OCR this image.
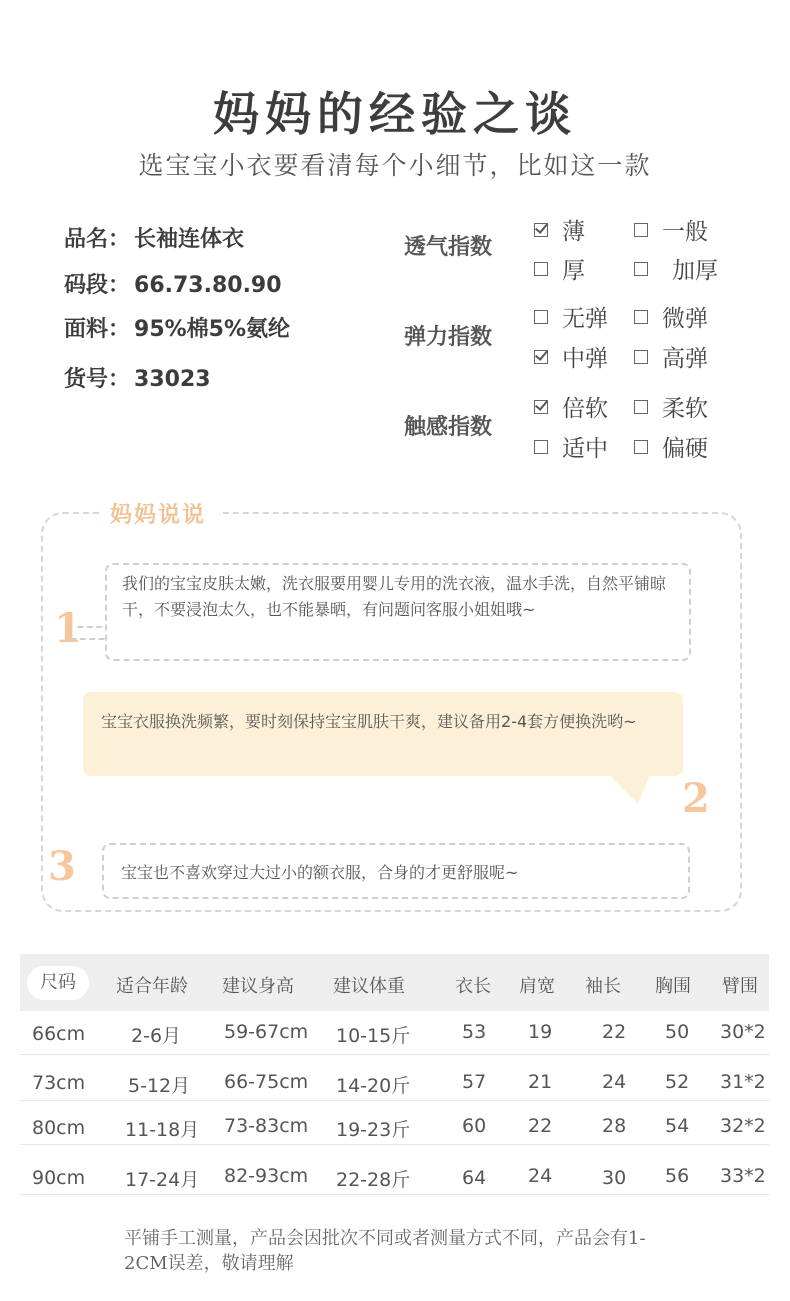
妈妈的经验之谈
选宝宝小衣要看清每个小细节，比如这一款
品名： 长袖连体衣
码段： 66.73.80.90
面料： 95%棉5%氨纶
货号： 33023
透气指数
弹力指数
触感指数
薄	一般
厚	加厚
无弹 微弹
中弹 高弹
倍软 柔软
适中 偏硬
妈妈说说
我们的宝宝皮肤太嫩，洗衣服要用婴儿专用的洗衣液，温水手洗，自然平铺晾干，不要浸泡太久，也不能暴晒，有问题问客服小姐姐哦~
1
宝宝衣服换洗频繁，要时刻保持宝宝肌肤干爽，建议备用2-4套方便换洗哟~
2
宝宝也不喜欢穿过大过小的额衣服，合身的才更舒服呢~
3
尺码	适合年龄 建议身高 建议体重	衣长 肩宽 袖长 胸围 臂围
66cm 2-6月 59-67cm 10-15斤	53 19	22 50 30*2
73cm 5-12月 66-75cm 14-20斤	57 21	24 52 31*2
80cm 11-18月 73-83cm 19-23斤	60 22	28 54 32*2
90cm 17-24月 82-93cm 22-28斤	64 24	30 56 33*2
平铺手工测量，产品会因批次不同或者测量方式不同，产品会有1-2CM误差，敬请理解
